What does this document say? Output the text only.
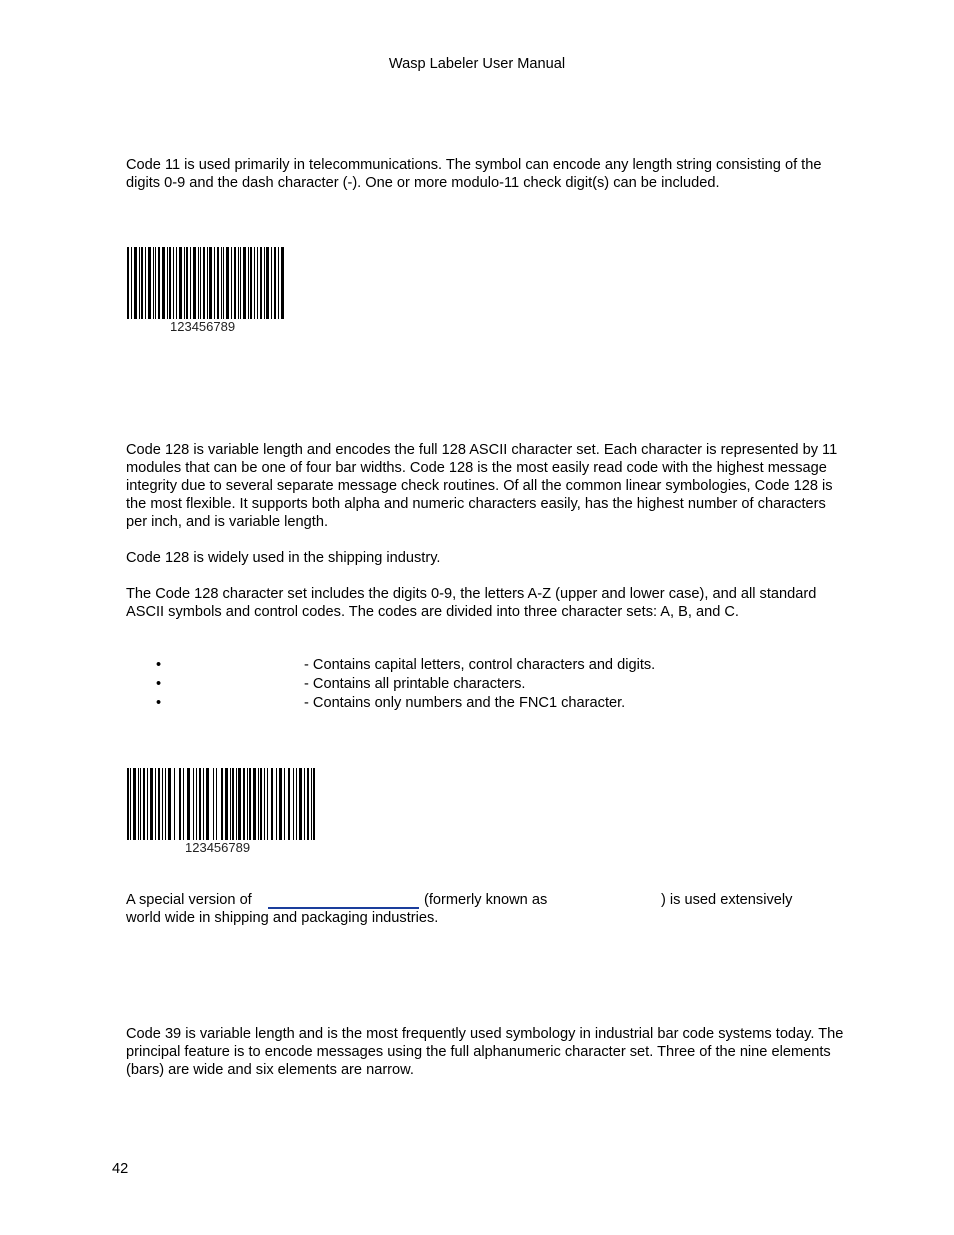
Wasp Labeler User Manual

Code 11 is used primarily in telecommunications. The symbol can encode any length string consisting of the digits 0-9 and the dash character (-). One or more modulo-11 check digit(s) can be included.

123456789

Code 128 is variable length and encodes the full 128 ASCII character set. Each character is represented by 11 modules that can be one of four bar widths. Code 128 is the most easily read code with the highest message integrity due to several separate message check routines. Of all the common linear symbologies, Code 128 is the most flexible. It supports both alpha and numeric characters easily, has the highest number of characters per inch, and is variable length.

Code 128 is widely used in the shipping industry.

The Code 128 character set includes the digits 0-9, the letters A-Z (upper and lower case), and all standard ASCII symbols and control codes. The codes are divided into three character sets: A, B, and C.

•	- Contains capital letters, control characters and digits.
•	- Contains all printable characters.
•	- Contains only numbers and the FNC1 character.
123456789
A special version of	(formerly known as	) is used extensively
world wide in shipping and packaging industries.

Code 39 is variable length and is the most frequently used symbology in industrial bar code systems today. The principal feature is to encode messages using the full alphanumeric character set. Three of the nine elements (bars) are wide and six elements are narrow.

42
